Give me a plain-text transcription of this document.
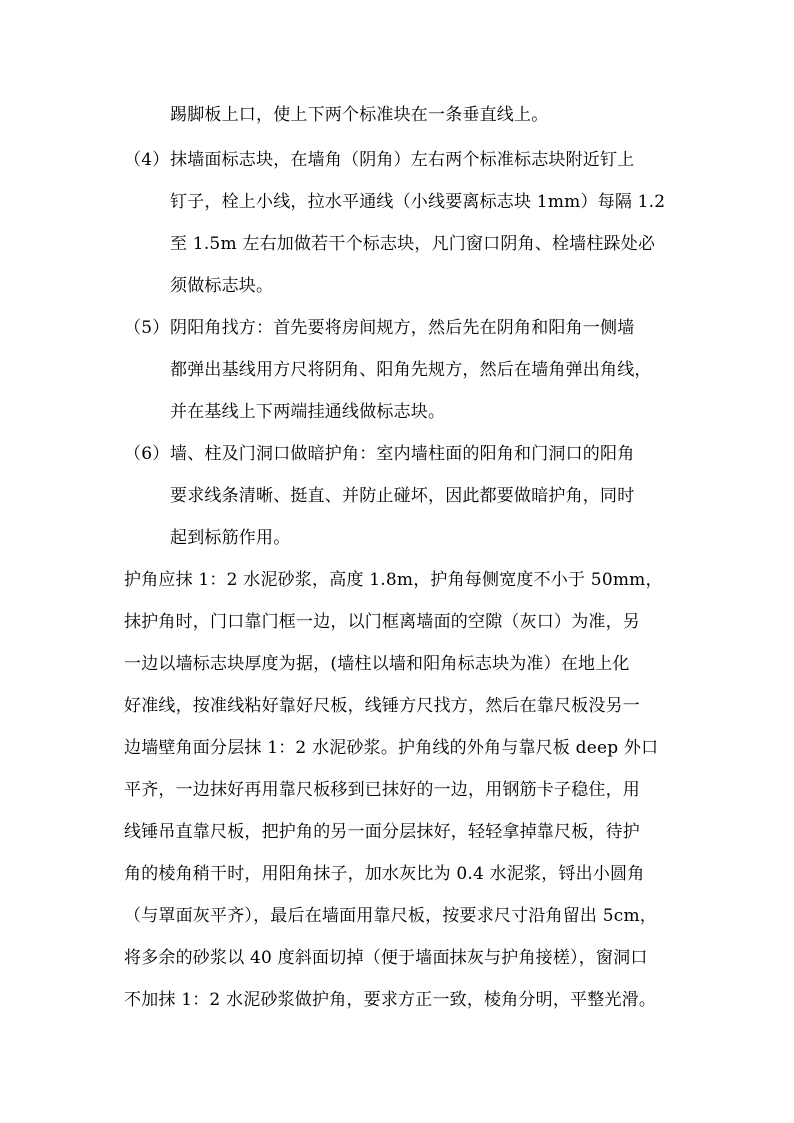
踢脚板上口，使上下两个标准块在一条垂直线上。
（4）抹墙面标志块，在墙角（阴角）左右两个标准标志块附近钉上
钉子，栓上小线，拉水平通线（小线要离标志块 1mm）每隔 1.2
至 1.5m 左右加做若干个标志块，凡门窗口阴角、栓墙柱跺处必
须做标志块。
（5）阴阳角找方：首先要将房间规方，然后先在阴角和阳角一侧墙
都弹出基线用方尺将阴角、阳角先规方，然后在墙角弹出角线，
并在基线上下两端挂通线做标志块。
（6）墙、柱及门洞口做暗护角：室内墙柱面的阳角和门洞口的阳角
要求线条清晰、挺直、并防止碰坏，因此都要做暗护角，同时
起到标筋作用。
护角应抹 1：2 水泥砂浆，高度 1.8m，护角每侧宽度不小于 50mm，
抹护角时，门口靠门框一边，以门框离墙面的空隙（灰口）为准，另
一边以墙标志块厚度为据，(墙柱以墙和阳角标志块为准）在地上化
好准线，按准线粘好靠好尺板，线锤方尺找方，然后在靠尺板没另一
边墙壁角面分层抹 1：2 水泥砂浆。护角线的外角与靠尺板 deep 外口
平齐，一边抹好再用靠尺板移到已抹好的一边，用钢筋卡子稳住，用
线锤吊直靠尺板，把护角的另一面分层抹好，轻轻拿掉靠尺板，待护
角的棱角稍干时，用阳角抹子，加水灰比为 0.4 水泥浆，锊出小圆角
（与罩面灰平齐），最后在墙面用靠尺板，按要求尺寸沿角留出 5cm，
将多余的砂浆以 40 度斜面切掉（便于墙面抹灰与护角接槎），窗洞口
不加抹 1：2 水泥砂浆做护角，要求方正一致，棱角分明，平整光滑。
